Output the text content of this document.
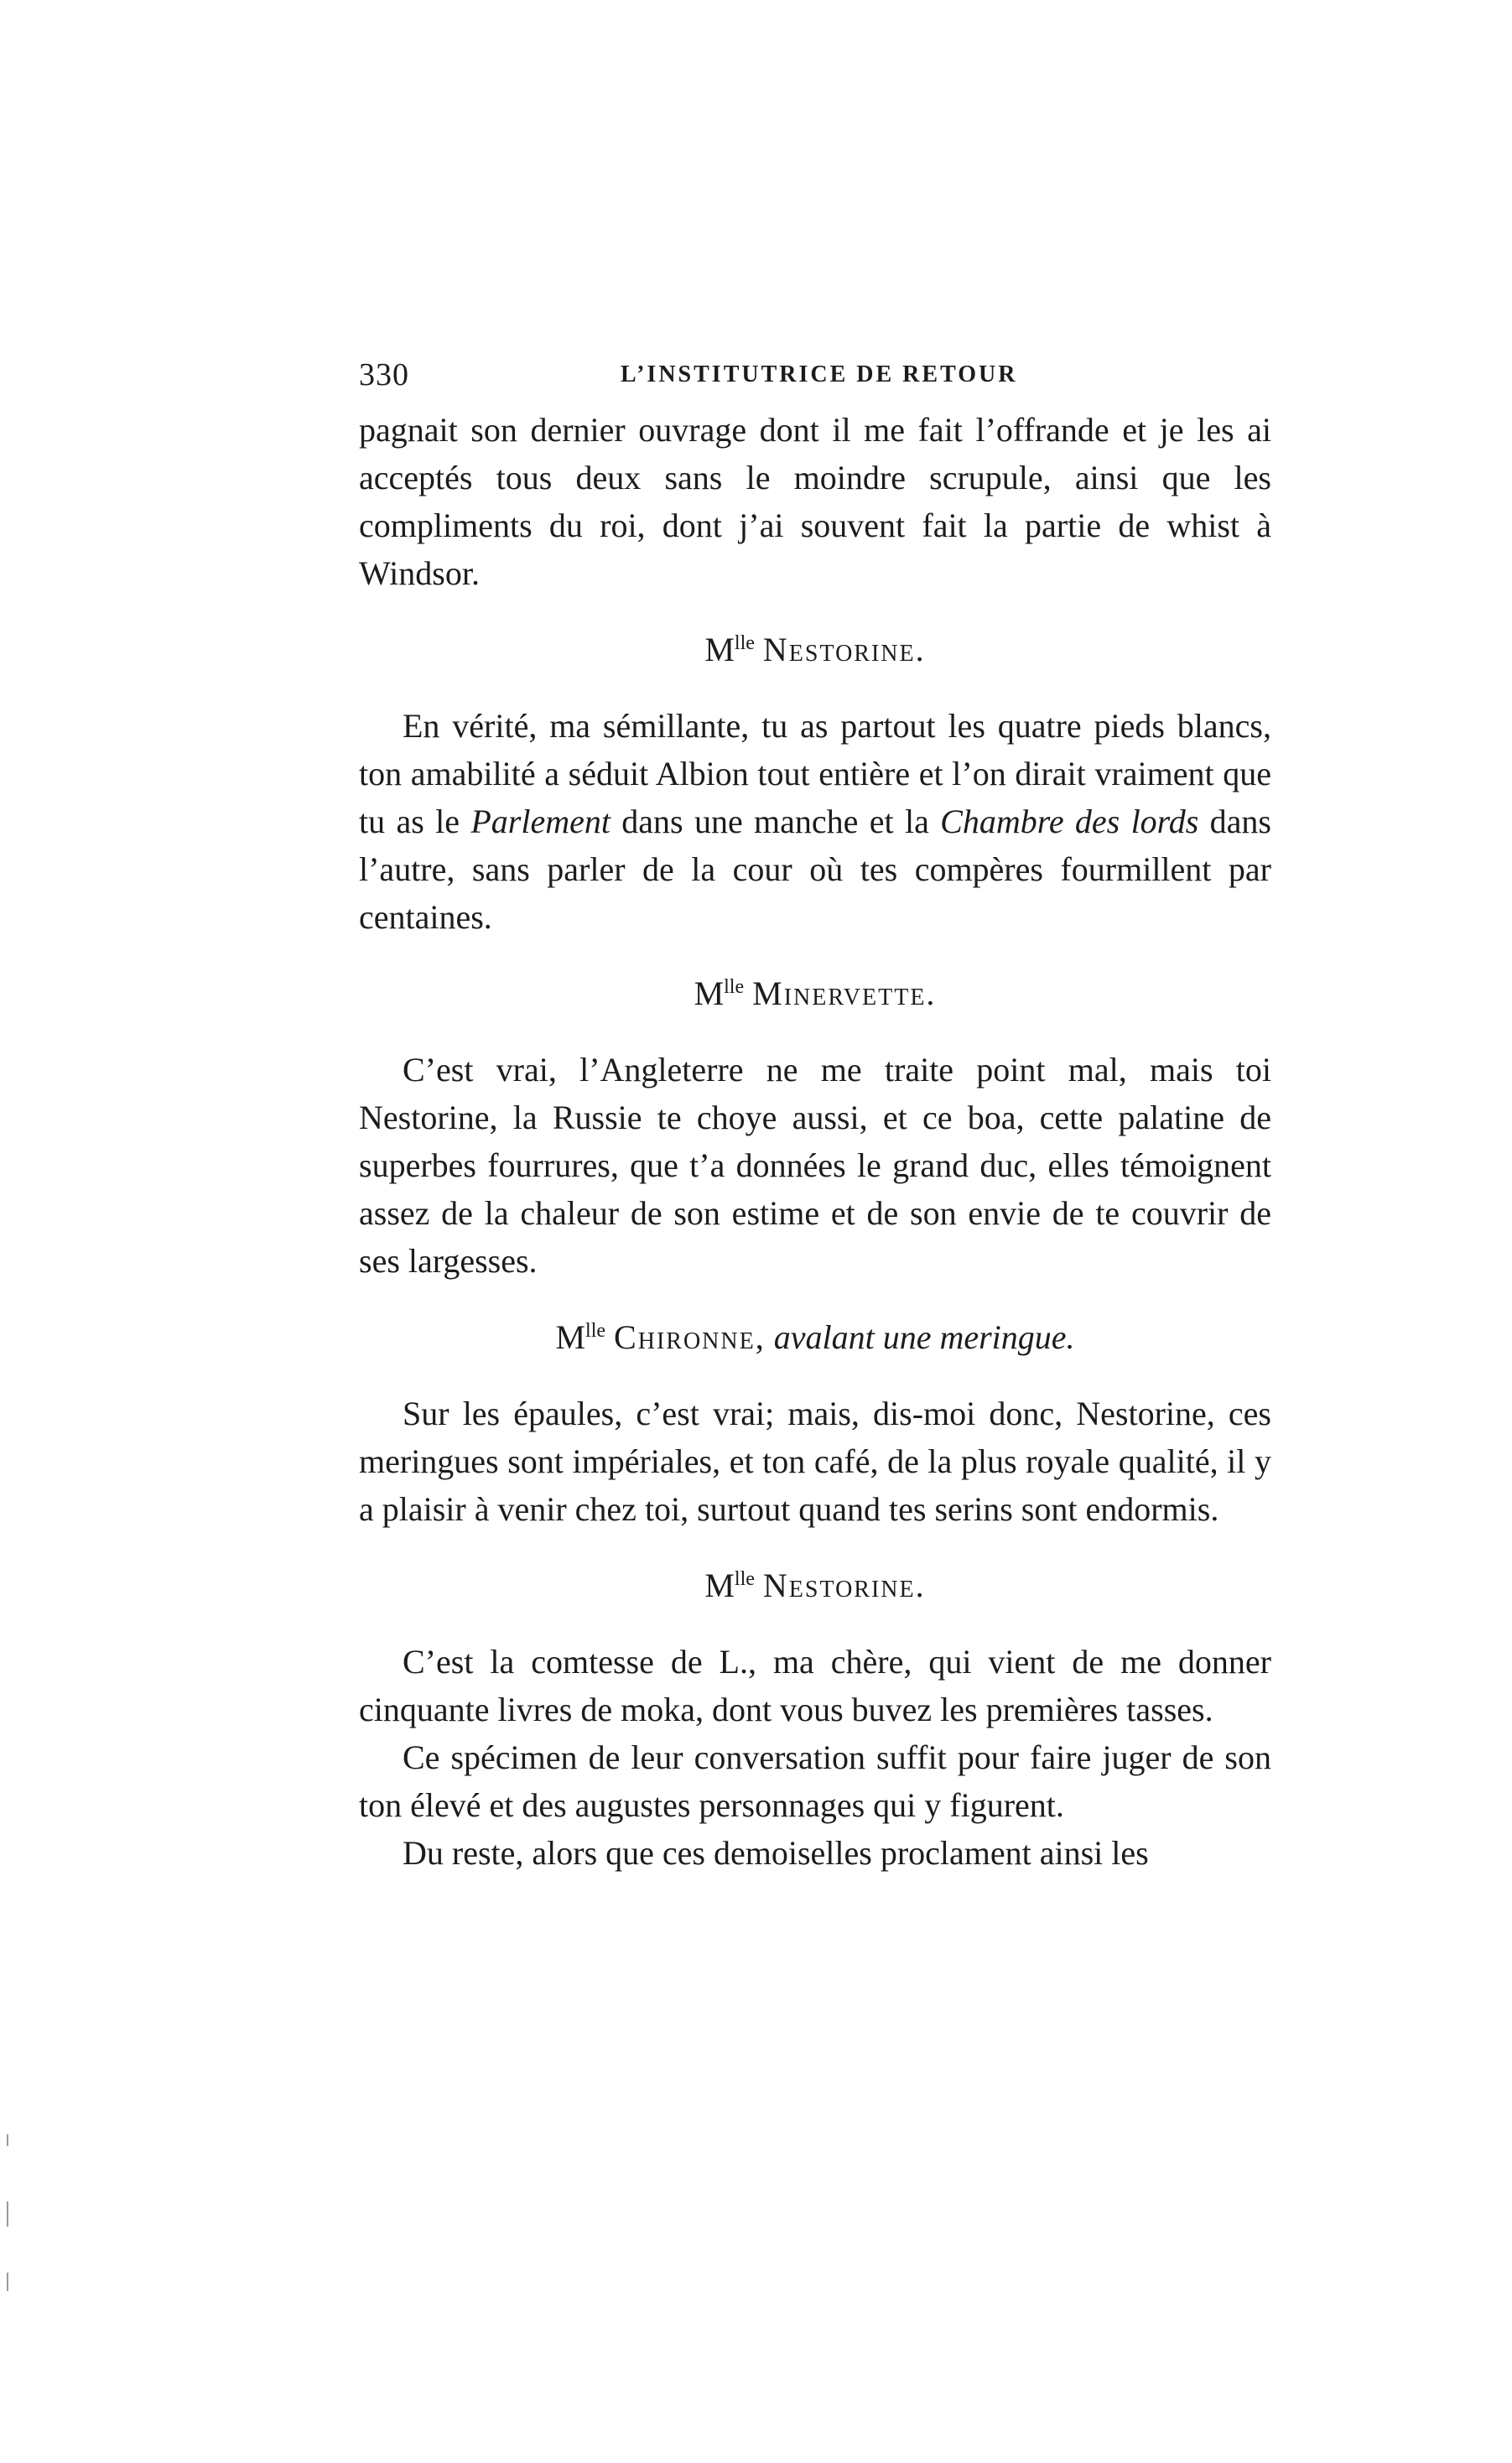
330	L’INSTITUTRICE DE RETOUR

pagnait son dernier ouvrage dont il me fait l’offrande et je les ai acceptés tous deux sans le moindre scrupule, ainsi que les compliments du roi, dont j’ai souvent fait la partie de whist à Windsor.

$M^{lle}$ Nestorine.

En vérité, ma sémillante, tu as partout les quatre pieds blancs, ton amabilité a séduit Albion tout entière et l’on dirait vraiment que tu as le Parlement dans une manche et la Chambre des lords dans l’autre, sans parler de la cour où tes compères fourmillent par centaines.

$M^{lle}$ Minervette.

C’est vrai, l’Angleterre ne me traite point mal, mais toi Nestorine, la Russie te choye aussi, et ce boa, cette palatine de superbes fourrures, que t’a données le grand duc, elles témoignent assez de la chaleur de son estime et de son envie de te couvrir de ses largesses.

$M^{lle}$ Chironne, avalant une meringue.

Sur les épaules, c’est vrai; mais, dis-moi donc, Nestorine, ces meringues sont impériales, et ton café, de la plus royale qualité, il y a plaisir à venir chez toi, surtout quand tes serins sont endormis.

$M^{lle}$ Nestorine.

C’est la comtesse de L., ma chère, qui vient de me donner cinquante livres de moka, dont vous buvez les premières tasses.

Ce spécimen de leur conversation suffit pour faire juger de son ton élevé et des augustes personnages qui y figurent.

Du reste, alors que ces demoiselles proclament ainsi les
